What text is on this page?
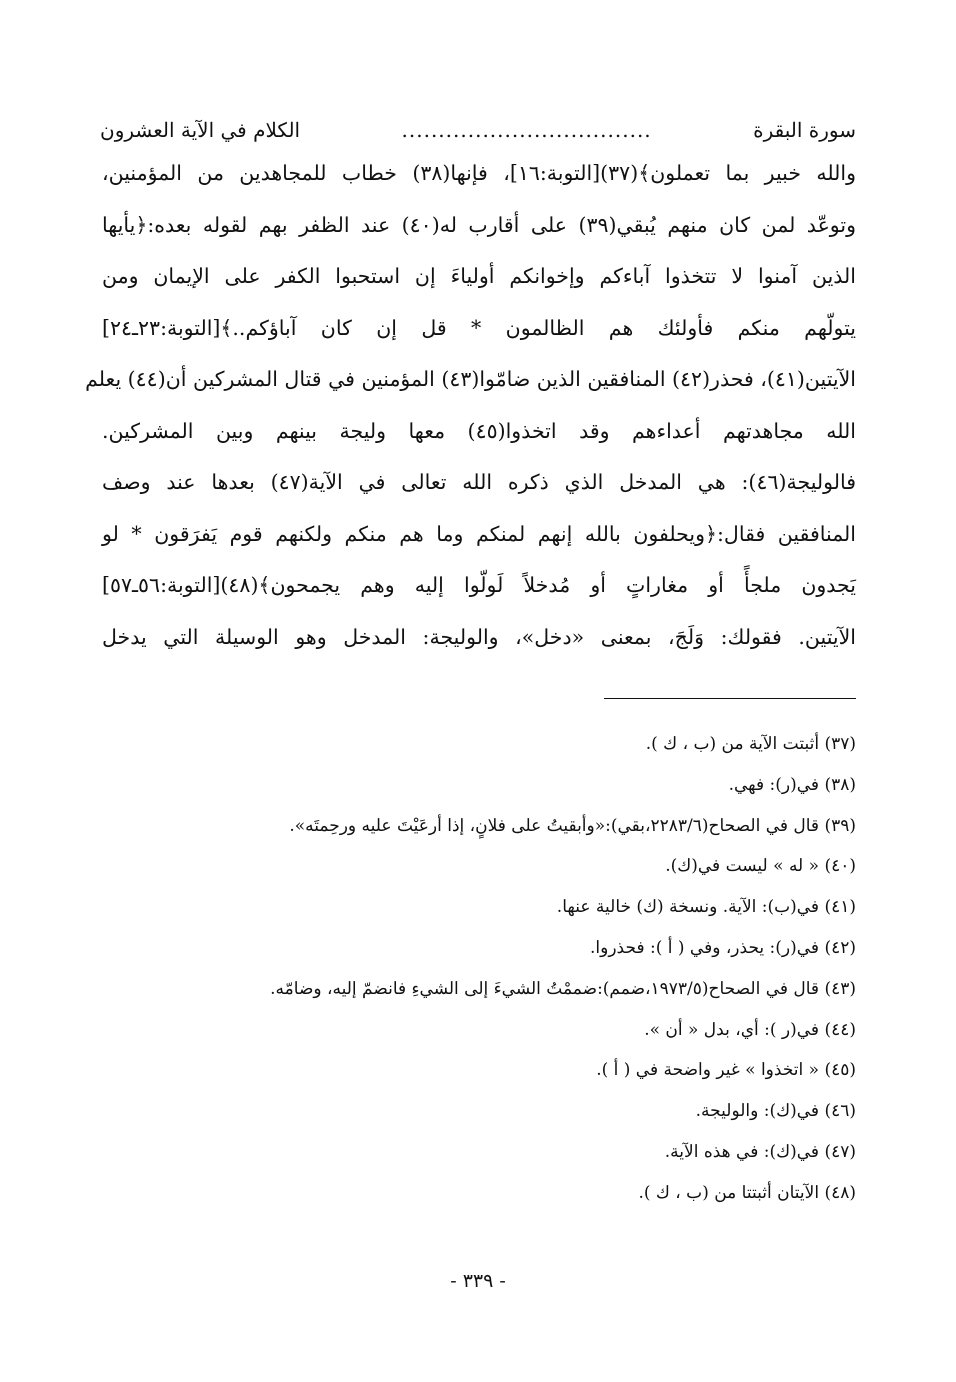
سورة البقرة
..................................
الكلام في الآية العشرون
والله خبير بما تعملون﴾(٣٧)[التوبة:١٦]، فإنها(٣٨) خطاب للمجاهدين من المؤمنين،
وتوعّد لمن كان منهم يُبقي(٣٩) على أقارب له(٤٠) عند الظفر بهم لقوله بعده:﴿يأيها
الذين آمنوا لا تتخذوا آباءكم وإخوانكم أولياءَ إن استحبوا الكفر على الإيمان ومن
يتولّهم منكم فأولئك هم الظالمون * قل إن كان آباؤكم..﴾[التوبة:٢٣ـ٢٤]
الآيتين(٤١)، فحذر(٤٢) المنافقين الذين ضامّوا(٤٣) المؤمنين في قتال المشركين أن(٤٤) يعلم
الله مجاهدتهم أعداءهم وقد اتخذوا(٤٥) معها وليجة بينهم وبين المشركين.
فالوليجة(٤٦): هي المدخل الذي ذكره الله تعالى في الآية(٤٧) بعدها عند وصف
المنافقين فقال:﴿ويحلفون بالله إنهم لمنكم وما هم منكم ولكنهم قوم يَفرَقون * لو
يَجدون ملجأً أو مغاراتٍ أو مُدخلاً لَولّوا إليه وهم يجمحون﴾(٤٨)[التوبة:٥٦ـ٥٧]
الآيتين. فقولك: وَلَجَ، بمعنى «دخل»، والوليجة: المدخل وهو الوسيلة التي يدخل
(٣٧) أثبتت الآية من (ب ، ك ).
(٣٨) في(ر): فهي.
(٣٩) قال في الصحاح(٢٢٨٣/٦،بقي):«وأبقيتُ على فلانٍ، إذا أرعَيْتَ عليه ورحِمتَه».
(٤٠) « له » ليست في(ك).
(٤١) في(ب): الآية. ونسخة (ك) خالية عنها.
(٤٢) في(ر): يحذر، وفي ( أ ): فحذروا.
(٤٣) قال في الصحاح(١٩٧٣/٥،ضمم):ضممْتُ الشيءَ إلى الشيءِ فانضمّ إليه، وضامّه.
(٤٤) في(ر ): أي، بدل « أن ».
(٤٥) « اتخذوا » غير واضحة في ( أ ).
(٤٦) في(ك): والوليجة.
(٤٧) في(ك): في هذه الآية.
(٤٨) الآيتان أثبتتا من (ب ، ك ).
- ٣٣٩ -
